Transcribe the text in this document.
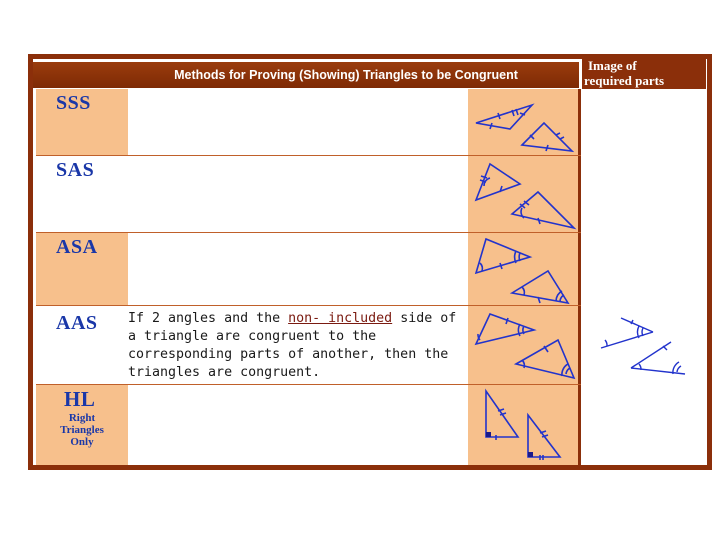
Methods for Proving (Showing) Triangles to be Congruent
Image of
required parts
SSS
SAS
ASA
AAS If 2 angles and the non- included side of a triangle are congruent to the corresponding parts of another, then the triangles are congruent.
HL
Right
Triangles
Only
